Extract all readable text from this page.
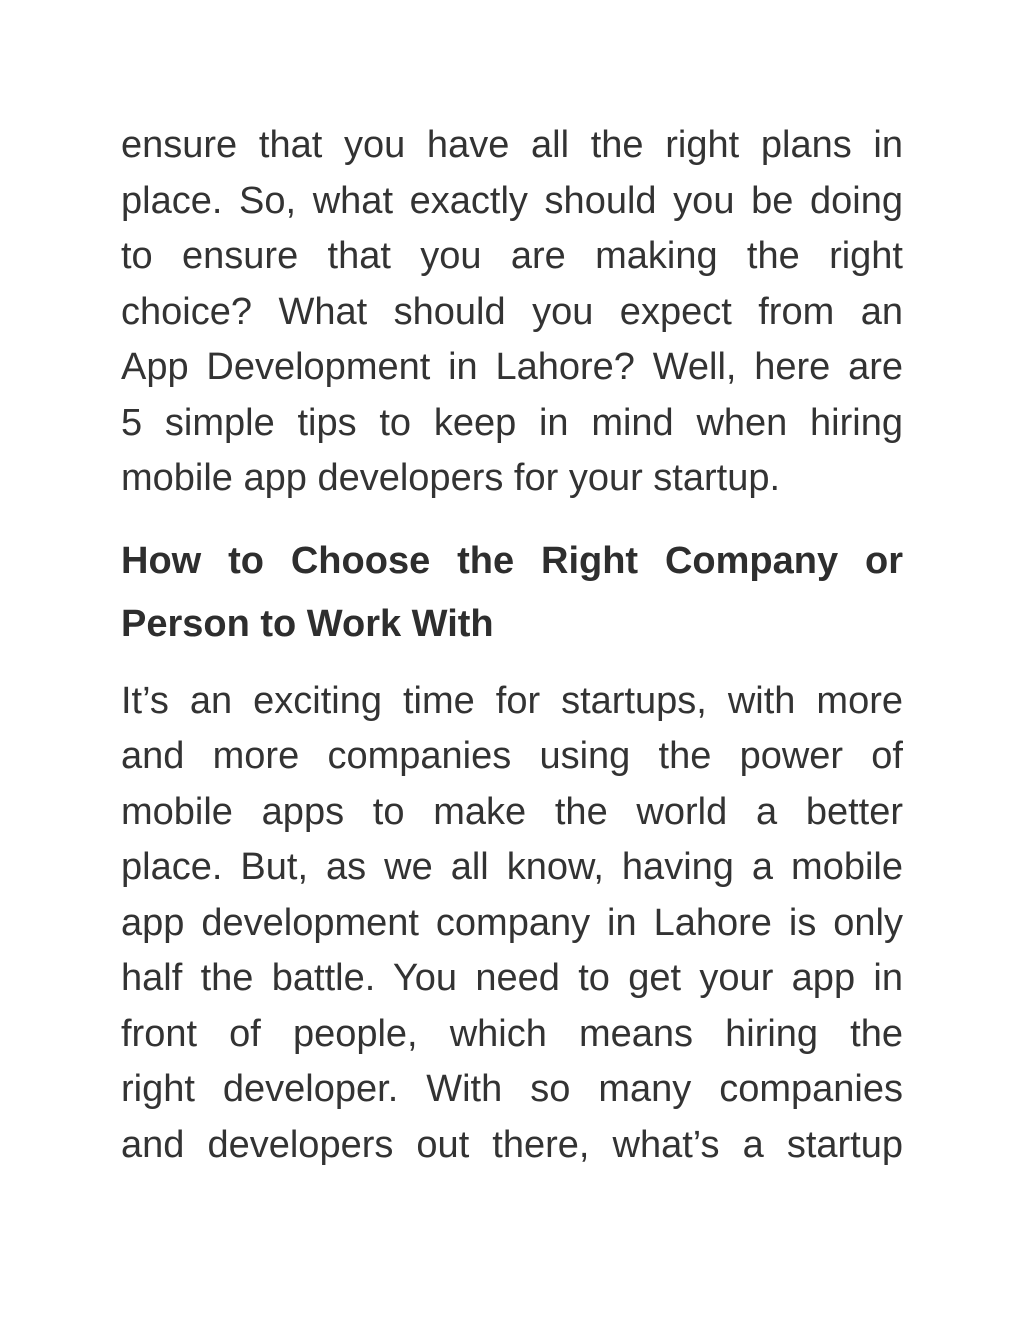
ensure that you have all the right plans in
place. So, what exactly should you be doing
to ensure that you are making the right
choice? What should you expect from an
App Development in Lahore? Well, here are
5 simple tips to keep in mind when hiring
mobile app developers for your startup.

How to Choose the Right Company or
Person to Work With

It’s an exciting time for startups, with more
and more companies using the power of
mobile apps to make the world a better
place. But, as we all know, having a mobile
app development company in Lahore is only
half the battle. You need to get your app in
front of people, which means hiring the
right developer. With so many companies
and developers out there, what’s a startup
